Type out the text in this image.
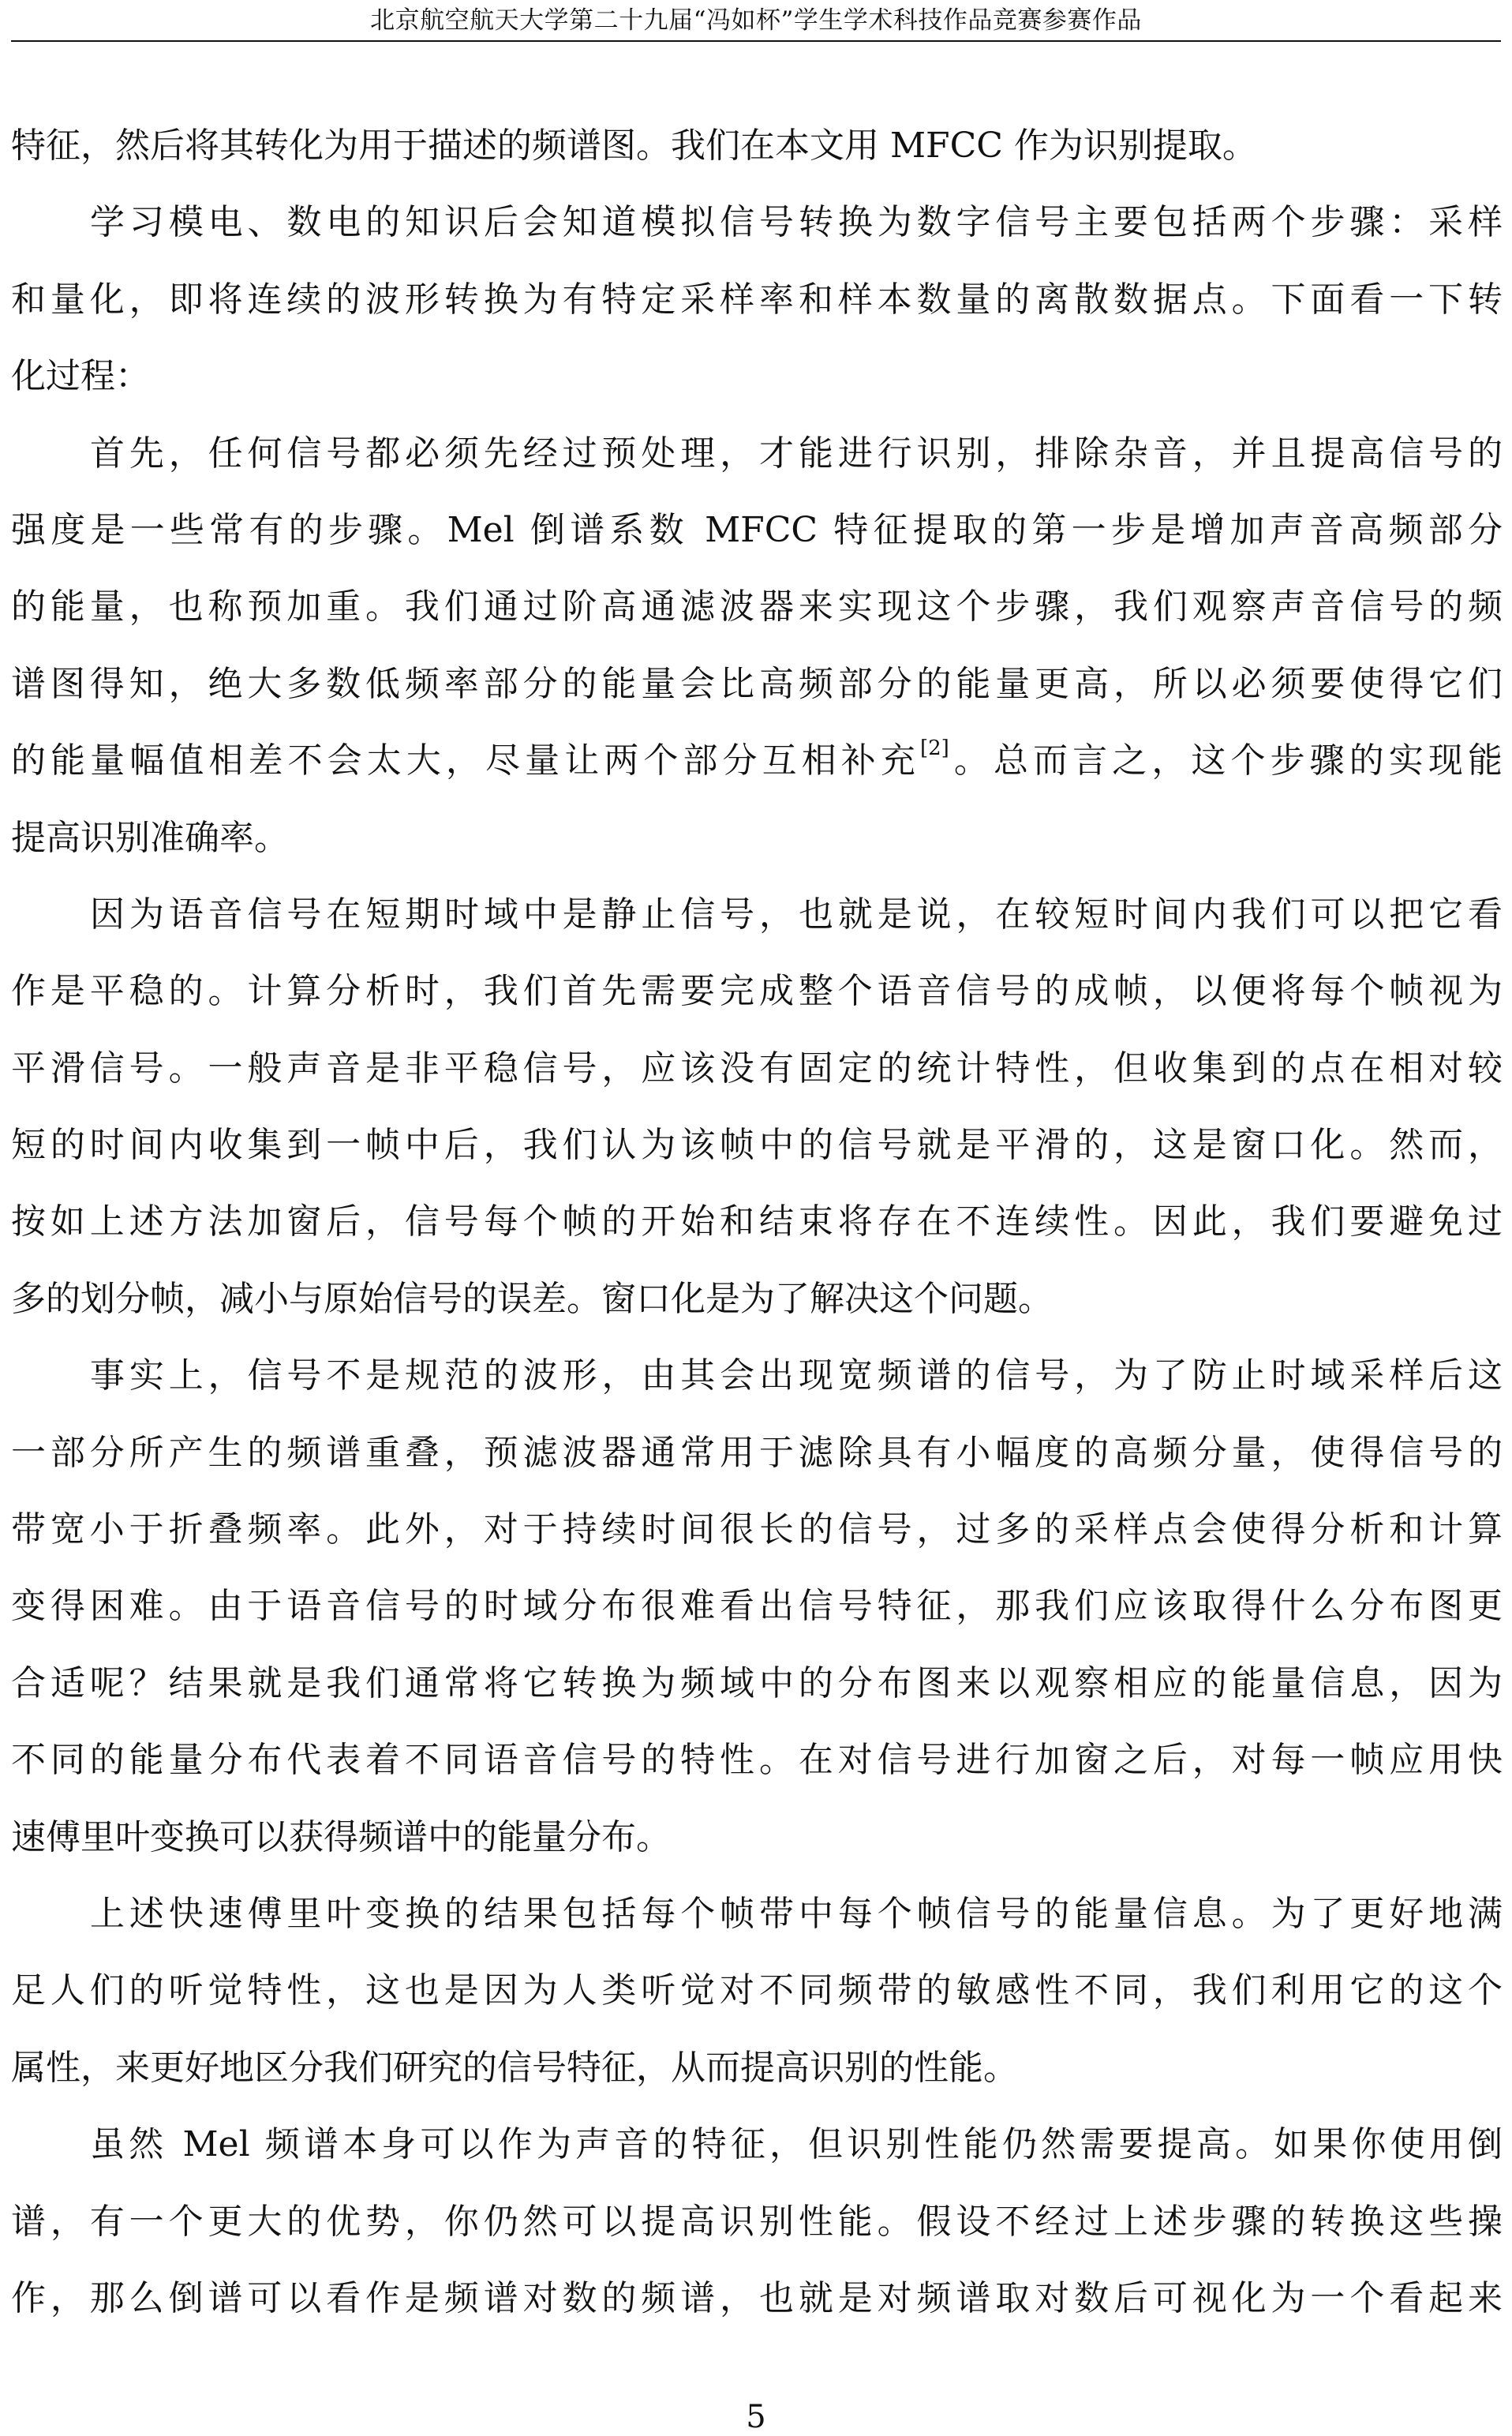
北京航空航天大学第二十九届“冯如杯”学生学术科技作品竞赛参赛作品
特征，然后将其转化为用于描述的频谱图。我们在本文用 MFCC 作为识别提取。
学习模电、数电的知识后会知道模拟信号转换为数字信号主要包括两个步骤：采样
和量化，即将连续的波形转换为有特定采样率和样本数量的离散数据点。下面看一下转
化过程：
首先，任何信号都必须先经过预处理，才能进行识别，排除杂音，并且提高信号的
强度是一些常有的步骤。Mel 倒谱系数 MFCC 特征提取的第一步是增加声音高频部分
的能量，也称预加重。我们通过阶高通滤波器来实现这个步骤，我们观察声音信号的频
谱图得知，绝大多数低频率部分的能量会比高频部分的能量更高，所以必须要使得它们
的能量幅值相差不会太大，尽量让两个部分互相补充[2]。总而言之，这个步骤的实现能
提高识别准确率。
因为语音信号在短期时域中是静止信号，也就是说，在较短时间内我们可以把它看
作是平稳的。计算分析时，我们首先需要完成整个语音信号的成帧，以便将每个帧视为
平滑信号。一般声音是非平稳信号，应该没有固定的统计特性，但收集到的点在相对较
短的时间内收集到一帧中后，我们认为该帧中的信号就是平滑的，这是窗口化。然而，
按如上述方法加窗后，信号每个帧的开始和结束将存在不连续性。因此，我们要避免过
多的划分帧，减小与原始信号的误差。窗口化是为了解决这个问题。
事实上，信号不是规范的波形，由其会出现宽频谱的信号，为了防止时域采样后这
一部分所产生的频谱重叠，预滤波器通常用于滤除具有小幅度的高频分量，使得信号的
带宽小于折叠频率。此外，对于持续时间很长的信号，过多的采样点会使得分析和计算
变得困难。由于语音信号的时域分布很难看出信号特征，那我们应该取得什么分布图更
合适呢？结果就是我们通常将它转换为频域中的分布图来以观察相应的能量信息，因为
不同的能量分布代表着不同语音信号的特性。在对信号进行加窗之后，对每一帧应用快
速傅里叶变换可以获得频谱中的能量分布。
上述快速傅里叶变换的结果包括每个帧带中每个帧信号的能量信息。为了更好地满
足人们的听觉特性，这也是因为人类听觉对不同频带的敏感性不同，我们利用它的这个
属性，来更好地区分我们研究的信号特征，从而提高识别的性能。
虽然 Mel 频谱本身可以作为声音的特征，但识别性能仍然需要提高。如果你使用倒
谱，有一个更大的优势，你仍然可以提高识别性能。假设不经过上述步骤的转换这些操
作，那么倒谱可以看作是频谱对数的频谱，也就是对频谱取对数后可视化为一个看起来
5
